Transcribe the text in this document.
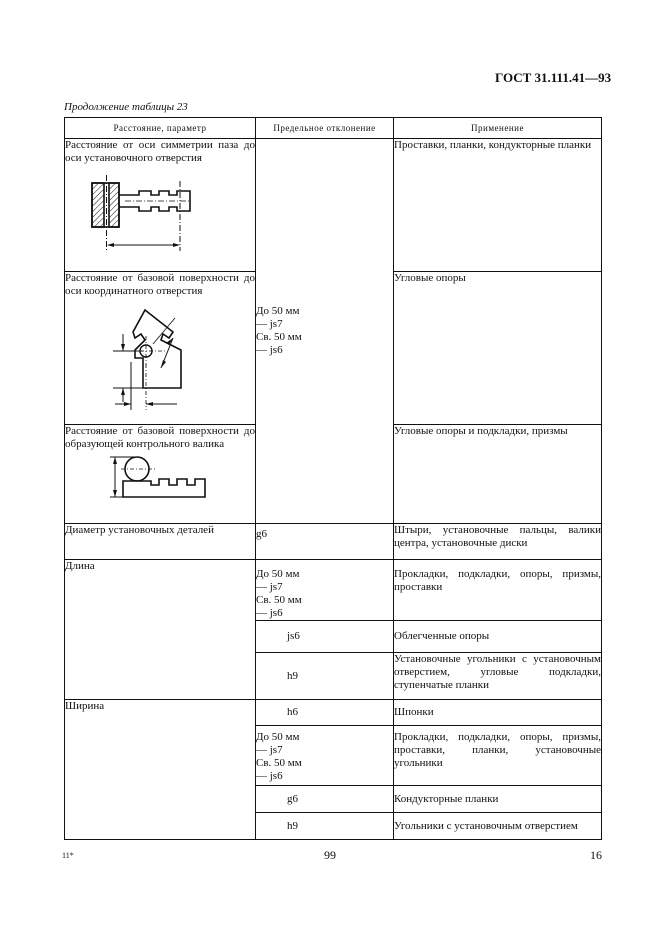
ГОСТ 31.111.41—93
Продолжение таблицы 23
Расстояние, параметр	Предельное отклонение	Применение

Расстояние от оси симметрии паза до оси установочного отверстия	До 50 мм
— js7
Св. 50 мм
— js6	Проставки, планки, кондукторные планки

Расстояние от базовой поверхности до оси координатного отверстия		Угловые опоры

Расстояние от базовой поверхности до образующей контрольного валика		Угловые опоры и подкладки, призмы
Диаметр установочных деталей	g6	Штыри, установочные пальцы, валики центра, установочные диски
Длина	До 50 мм
— js7
Св. 50 мм
— js6	Прокладки, подкладки, опоры, призмы, проставки
	js6	Облегченные опоры
	h9	Установочные угольники с установочным отверстием, угловые подкладки, ступенчатые планки
Ширина	h6	Шпонки

	До 50 мм
— js7
Св. 50 мм
— js6	Прокладки, подкладки, опоры, призмы, проставки, планки, установочные угольники
	g6	Кондукторные планки
	h9	Угольники с установочным отверстием
11*	99	16
